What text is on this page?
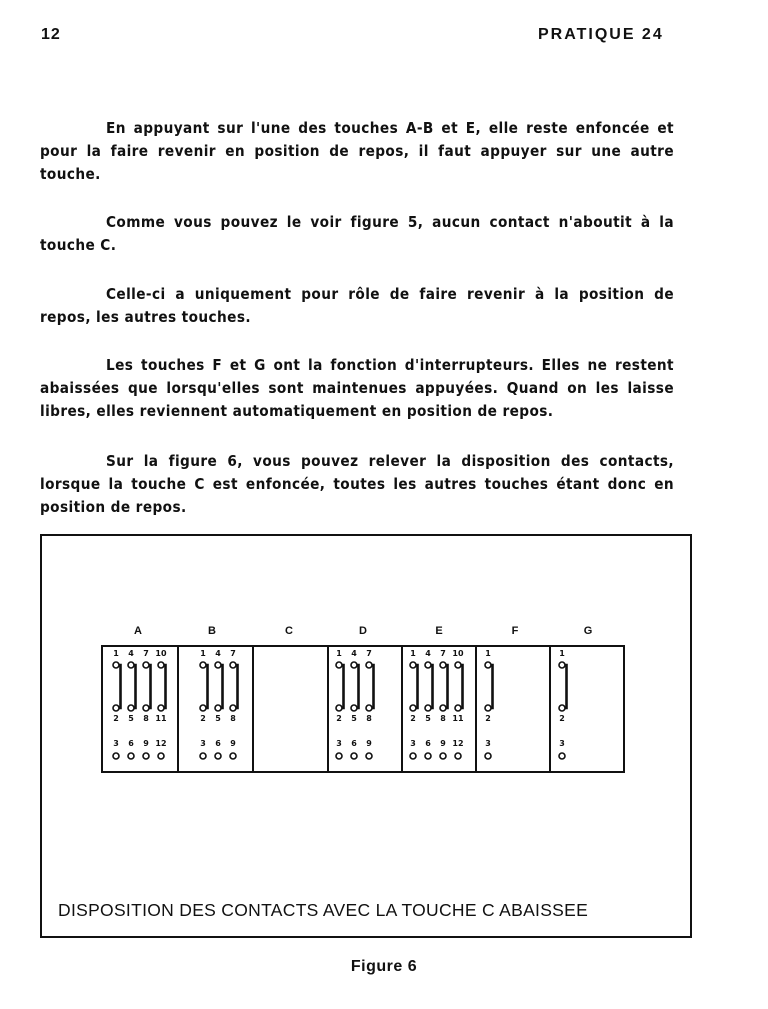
12	PRATIQUE 24

En appuyant sur l'une des touches A-B et E, elle reste enfoncée et pour la faire revenir en position de repos, il faut appuyer sur une autre touche.

Comme vous pouvez le voir figure 5, aucun contact n'aboutit à la touche C.

Celle-ci a uniquement pour rôle de faire revenir à la position de repos, les autres touches.

Les touches F et G ont la fonction d'interrupteurs. Elles ne restent abaissées que lorsqu'elles sont maintenues appuyées. Quand on les laisse libres, elles reviennent automatiquement en position de repos.

Sur la figure 6, vous pouvez relever la disposition des contacts, lorsque la touche C est enfoncée, toutes les autres touches étant donc en position de repos.

A	B	C	D	E	F	G
1
2
3
4
5
6
7
8
9
10
11
12
1
2
3
4
5
6
7
8
9
1
2
3
4
5
6
7
8
9
1
2
3
4
5
6
7
8
9
10
11
12
1
2
3
1
2
3
DISPOSITION DES CONTACTS AVEC LA TOUCHE C ABAISSEE
Figure 6
